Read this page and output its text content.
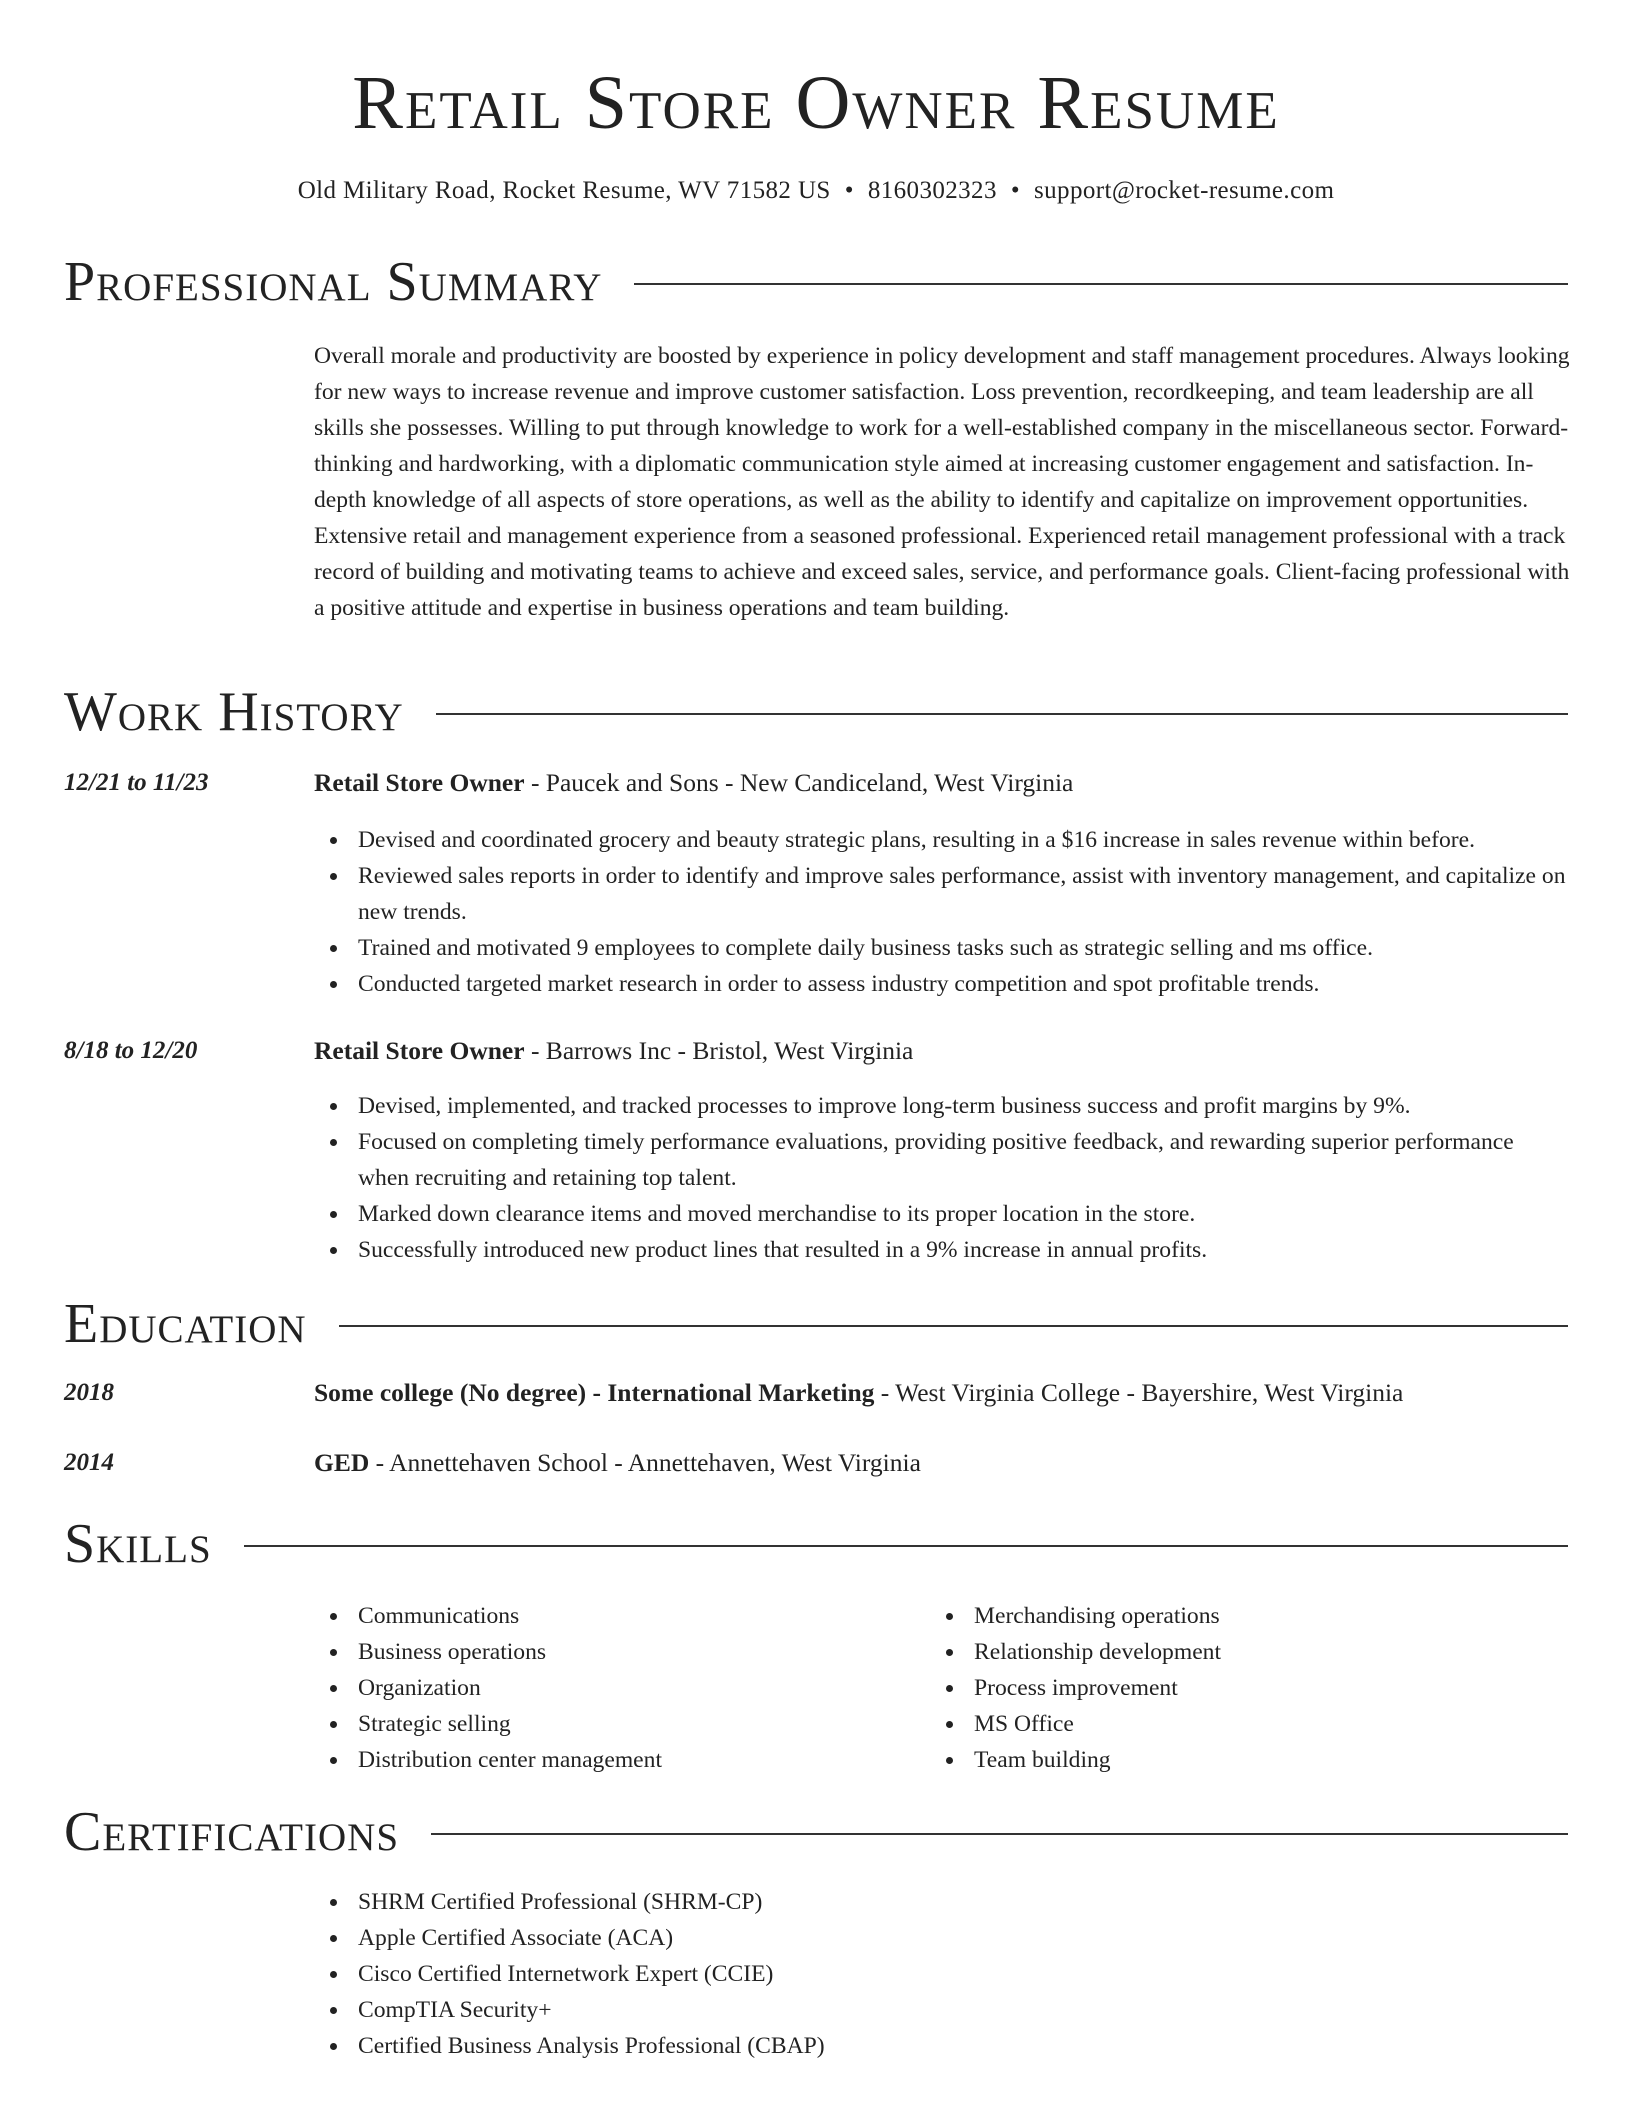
Retail Store Owner Resume
Old Military Road, Rocket Resume, WV 71582 US • 8160302323 • support@rocket-resume.com
Professional Summary

Overall morale and productivity are boosted by experience in policy development and staff management procedures. Always looking for new ways to increase revenue and improve customer satisfaction. Loss prevention, recordkeeping, and team leadership are all skills she possesses. Willing to put through knowledge to work for a well-established company in the miscellaneous sector. Forward-thinking and hardworking, with a diplomatic communication style aimed at increasing customer engagement and satisfaction. In-depth knowledge of all aspects of store operations, as well as the ability to identify and capitalize on improvement opportunities. Extensive retail and management experience from a seasoned professional. Experienced retail management professional with a track record of building and motivating teams to achieve and exceed sales, service, and performance goals. Client-facing professional with a positive attitude and expertise in business operations and team building.

Work History
12/21 to 11/23	Retail Store Owner - Paucek and Sons - New Candiceland, West Virginia
Devised and coordinated grocery and beauty strategic plans, resulting in a $16 increase in sales revenue within before.
Reviewed sales reports in order to identify and improve sales performance, assist with inventory management, and capitalize on new trends.
Trained and motivated 9 employees to complete daily business tasks such as strategic selling and ms office.
Conducted targeted market research in order to assess industry competition and spot profitable trends.
8/18 to 12/20	Retail Store Owner - Barrows Inc - Bristol, West Virginia
Devised, implemented, and tracked processes to improve long-term business success and profit margins by 9%.
Focused on completing timely performance evaluations, providing positive feedback, and rewarding superior performance when recruiting and retaining top talent.
Marked down clearance items and moved merchandise to its proper location in the store.
Successfully introduced new product lines that resulted in a 9% increase in annual profits.
Education
2018	Some college (No degree) - International Marketing - West Virginia College - Bayershire, West Virginia
2014	GED - Annettehaven School - Annettehaven, West Virginia
Skills
Communications
Business operations
Organization
Strategic selling
Distribution center management
Merchandising operations
Relationship development
Process improvement
MS Office
Team building
Certifications
SHRM Certified Professional (SHRM-CP)
Apple Certified Associate (ACA)
Cisco Certified Internetwork Expert (CCIE)
CompTIA Security+
Certified Business Analysis Professional (CBAP)
